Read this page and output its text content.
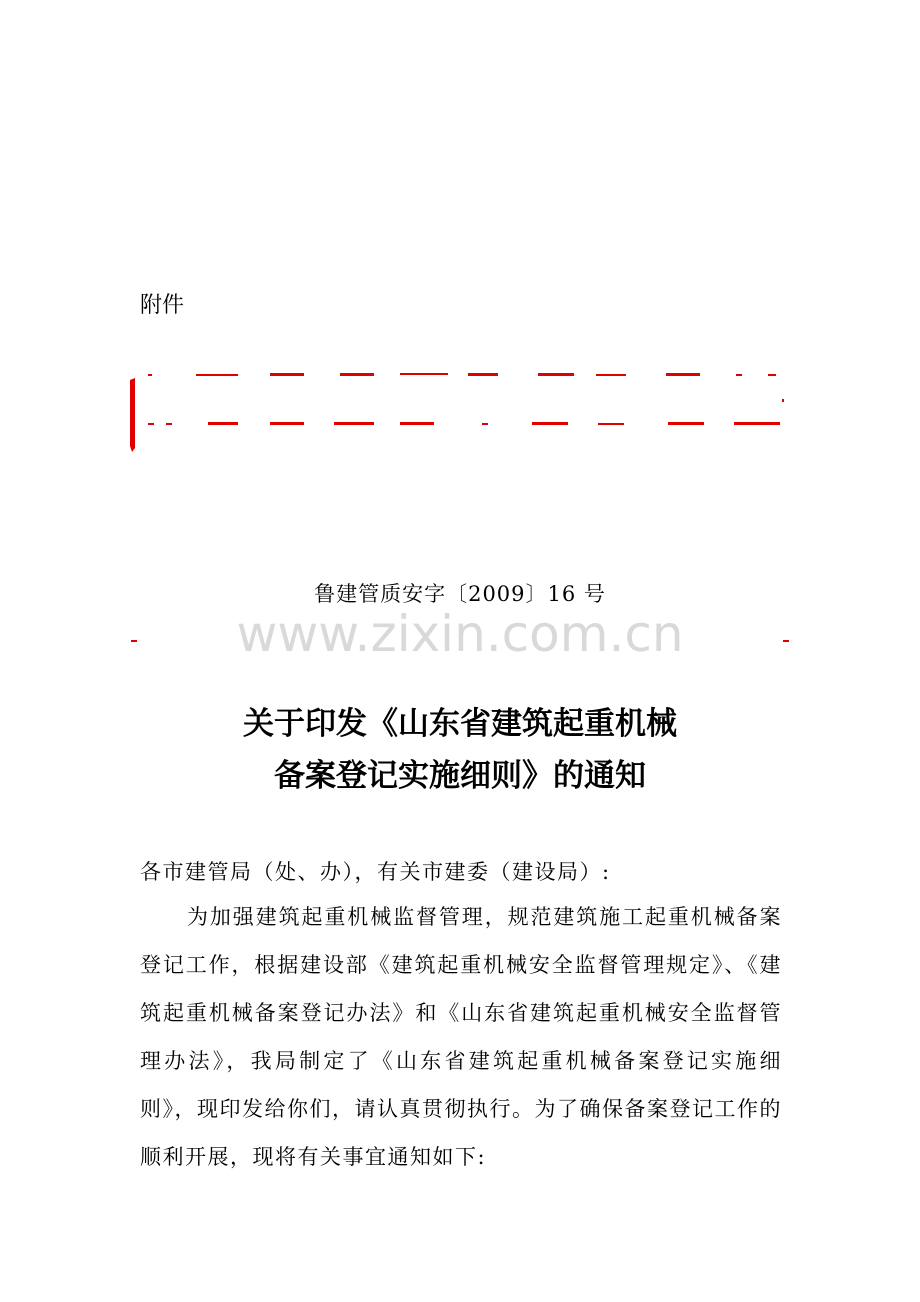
附件
鲁建管质安字〔2009〕16 号
www.zixin.com.cn
关于印发《山东省建筑起重机械
备案登记实施细则》的通知
各市建管局（处、办），有关市建委（建设局）:
为加强建筑起重机械监督管理，规范建筑施工起重机械备案登记工作，根据建设部《建筑起重机械安全监督管理规定》、《建筑起重机械备案登记办法》和《山东省建筑起重机械安全监督管理办法》，我局制定了《山东省建筑起重机械备案登记实施细则》，现印发给你们，请认真贯彻执行。为了确保备案登记工作的顺利开展，现将有关事宜通知如下:
